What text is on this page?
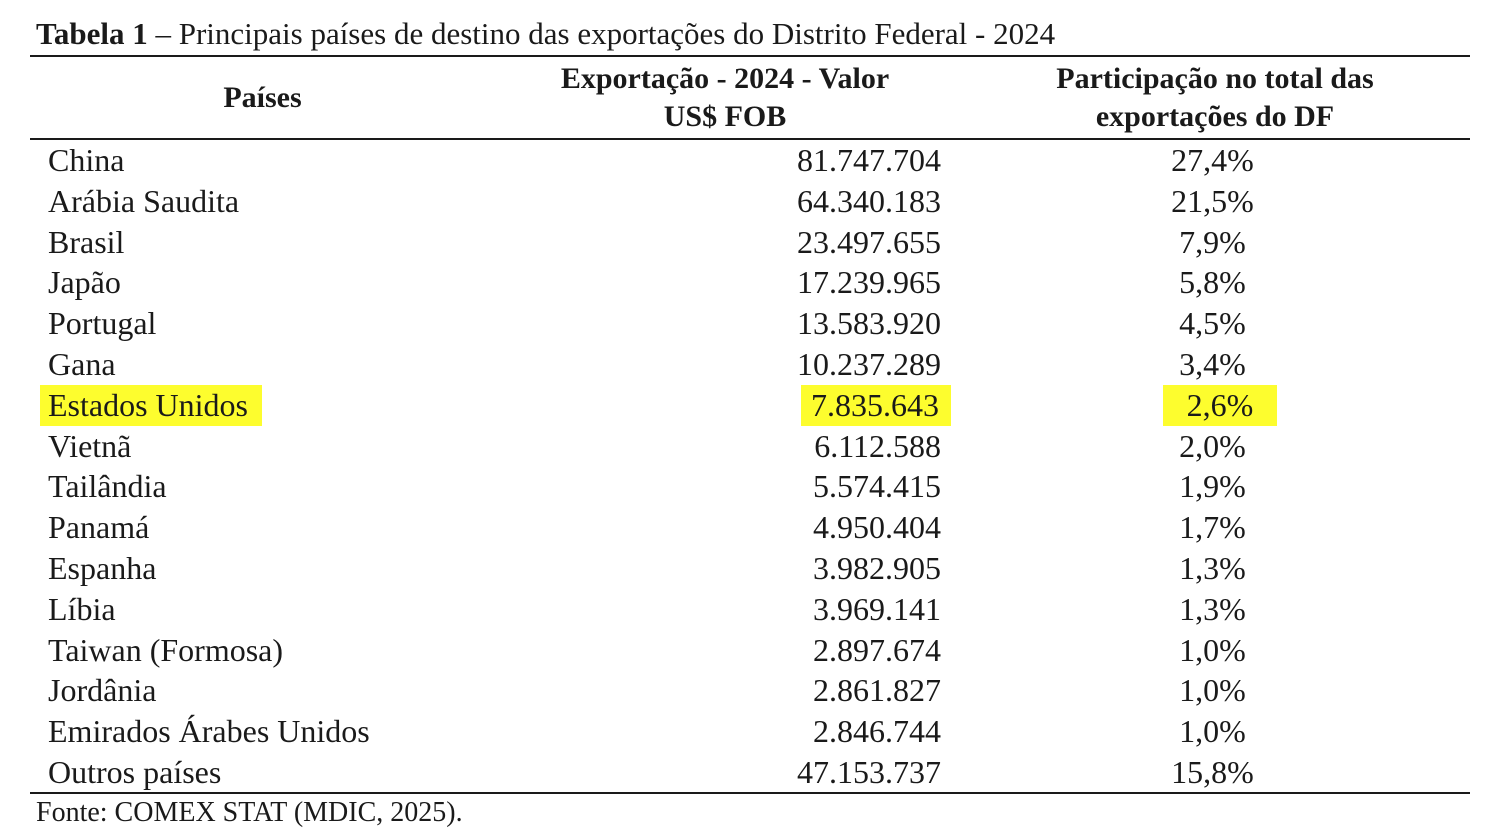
Tabela 1 – Principais países de destino das exportações do Distrito Federal - 2024
Países
Exportação - 2024 - Valor
US$ FOB
Participação no total das
exportações do DF
China	81.747.704	27,4%
Arábia Saudita	64.340.183	21,5%
Brasil	23.497.655	7,9%
Japão	17.239.965	5,8%
Portugal	13.583.920	4,5%
Gana	10.237.289	3,4%
Estados Unidos	7.835.643	2,6%
Vietnã	6.112.588	2,0%
Tailândia	5.574.415	1,9%
Panamá	4.950.404	1,7%
Espanha	3.982.905	1,3%
Líbia	3.969.141	1,3%
Taiwan (Formosa)	2.897.674	1,0%
Jordânia	2.861.827	1,0%
Emirados Árabes Unidos	2.846.744	1,0%
Outros países	47.153.737	15,8%
Fonte: COMEX STAT (MDIC, 2025).
